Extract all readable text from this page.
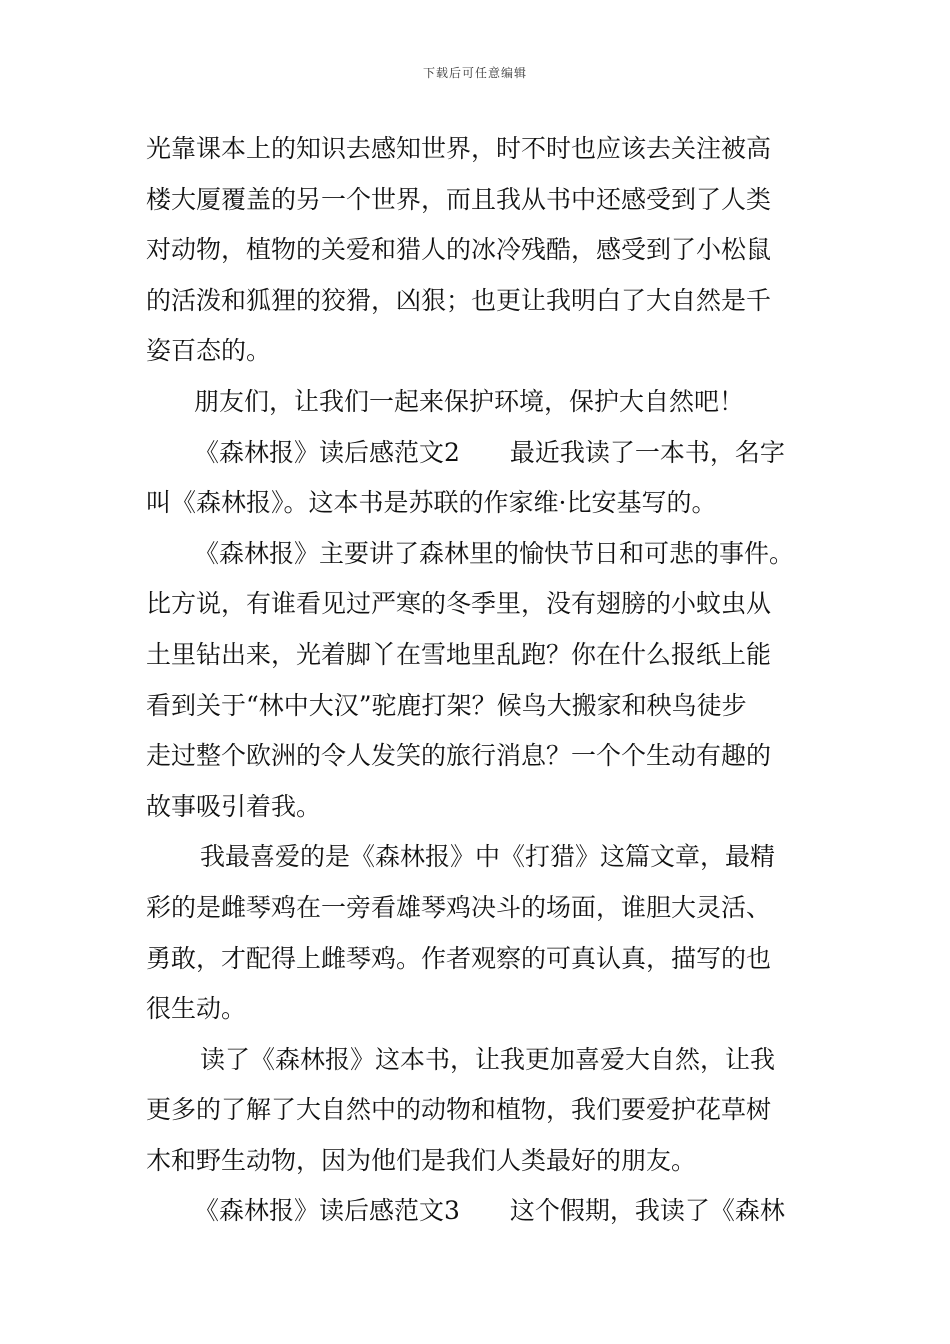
下载后可任意编辑
光靠课本上的知识去感知世界，时不时也应该去关注被高
楼大厦覆盖的另一个世界，而且我从书中还感受到了人类
对动物，植物的关爱和猎人的冰冷残酷，感受到了小松鼠
的活泼和狐狸的狡猾，凶狠；也更让我明白了大自然是千
姿百态的。
朋友们，让我们一起来保护环境，保护大自然吧！
《森林报》读后感范文2　　最近我读了一本书，名字
叫《森林报》。这本书是苏联的作家维·比安基写的。
《森林报》主要讲了森林里的愉快节日和可悲的事件。
比方说，有谁看见过严寒的冬季里，没有翅膀的小蚊虫从
土里钻出来，光着脚丫在雪地里乱跑？你在什么报纸上能
看到关于“林中大汉”驼鹿打架？候鸟大搬家和秧鸟徒步
走过整个欧洲的令人发笑的旅行消息？一个个生动有趣的
故事吸引着我。
我最喜爱的是《森林报》中《打猎》这篇文章，最精
彩的是雌琴鸡在一旁看雄琴鸡决斗的场面，谁胆大灵活、
勇敢，才配得上雌琴鸡。作者观察的可真认真，描写的也
很生动。
读了《森林报》这本书，让我更加喜爱大自然，让我
更多的了解了大自然中的动物和植物，我们要爱护花草树
木和野生动物，因为他们是我们人类最好的朋友。
《森林报》读后感范文3　　这个假期，我读了《森林
